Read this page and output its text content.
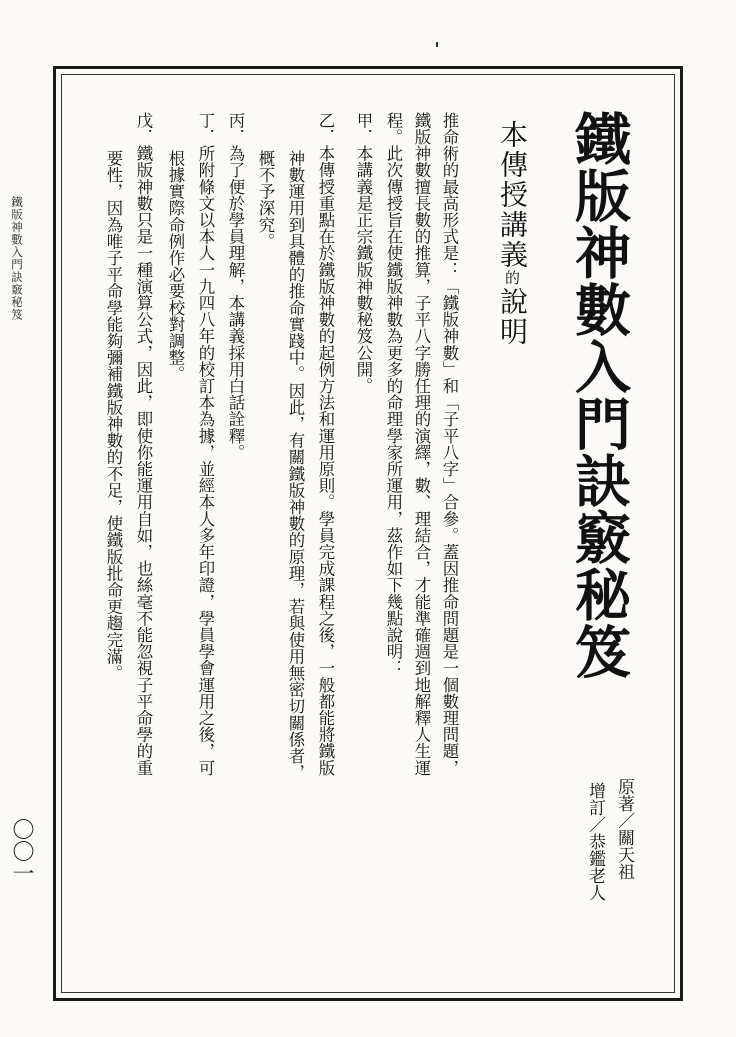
鐵版神數入門訣竅秘笈
原著／關天祖
增訂／恭鑑老人
本傳授講義的說明
推命術的最高形式是：「鐵版神數」和「子平八字」合參。蓋因推命問題是一個數理問題，
鐵版神數擅長數的推算，子平八字勝任理的演繹，數、理結合，才能準確週到地解釋人生運
程。此次傳授旨在使鐵版神數為更多的命理學家所運用，茲作如下幾點說明：
甲．本講義是正宗鐵版神數秘笈公開。
乙．本傳授重點在於鐵版神數的起例方法和運用原則。學員完成課程之後，一般都能將鐵版
神數運用到具體的推命實踐中。因此，有關鐵版神數的原理，若與使用無密切關係者，
概不予深究。
丙．為了便於學員理解，本講義採用白話詮釋。
丁．所附條文以本人一九四八年的校訂本為據，並經本人多年印證，學員學會運用之後，可
根據實際命例作必要校對調整。
戊．鐵版神數只是一種演算公式，因此，即使你能運用自如，也絲毫不能忽視子平命學的重
要性，因為唯子平命學能夠彌補鐵版神數的不足，使鐵版批命更趨完滿。
鐵版神數入門訣竅秘笈
〇〇一
